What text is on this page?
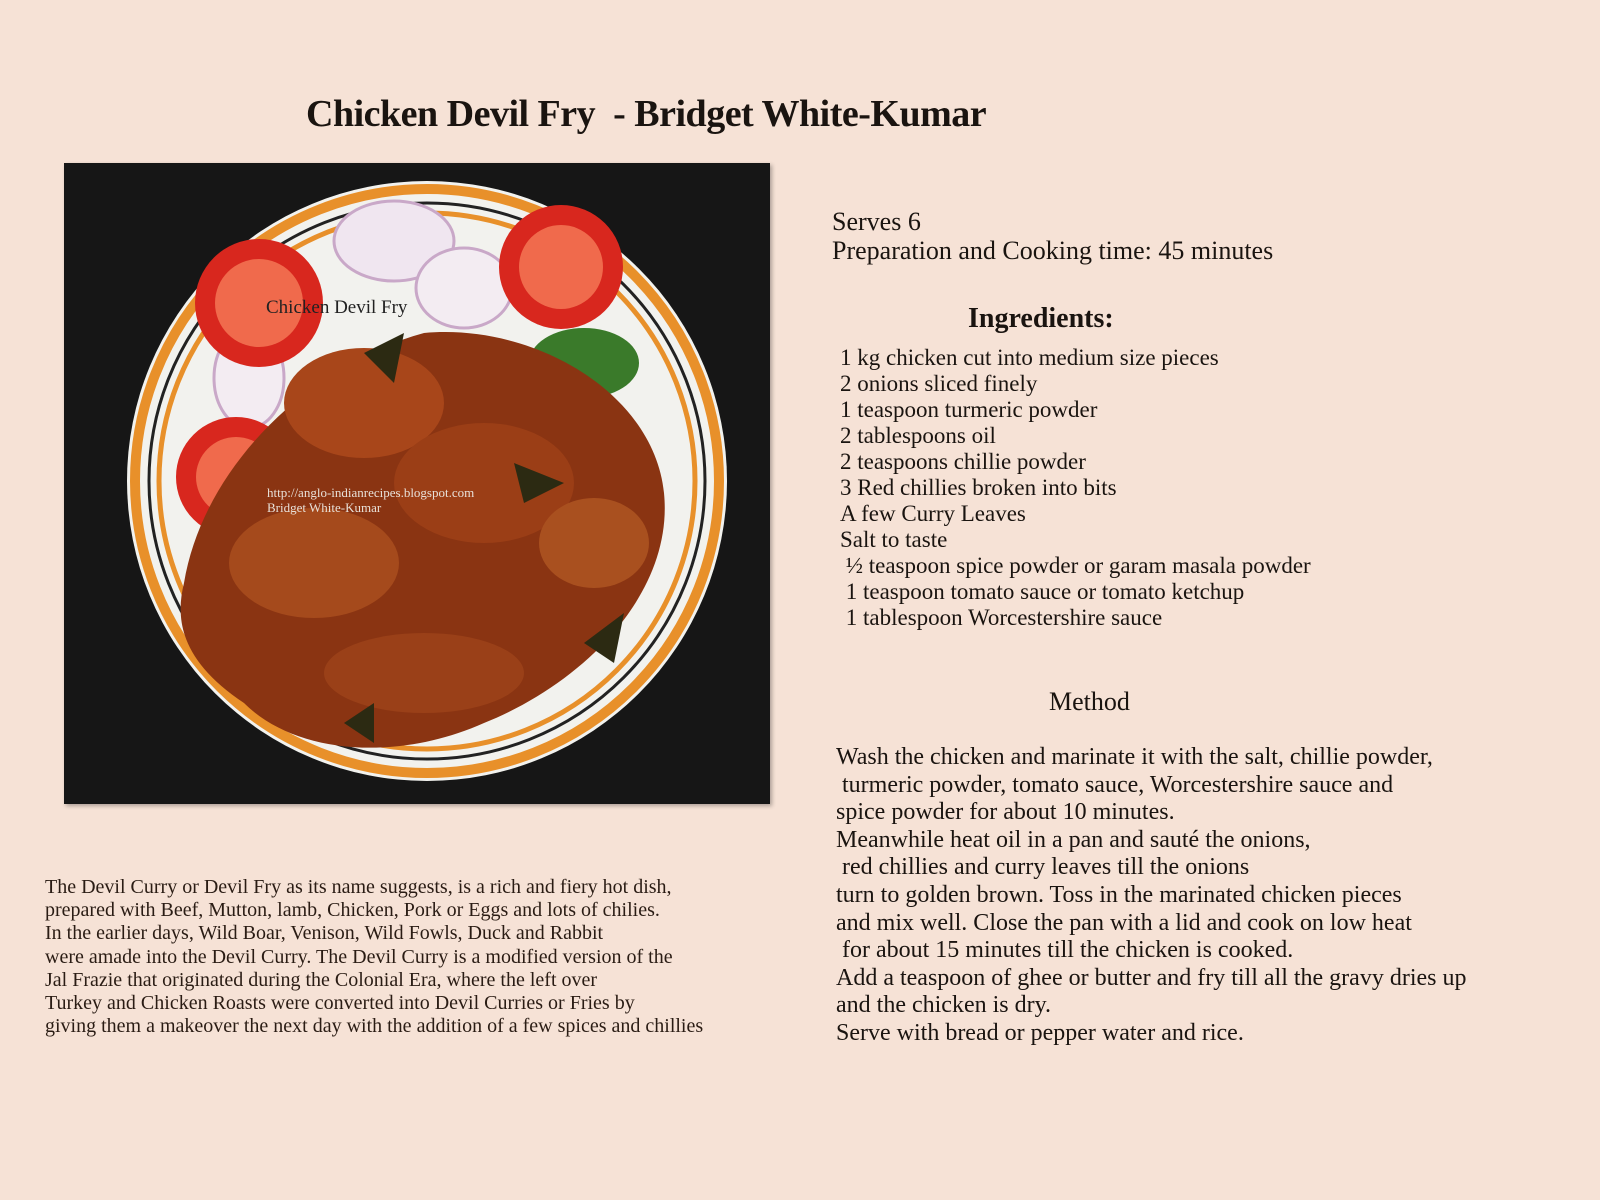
Chicken Devil Fry  - Bridget White-Kumar
Chicken Devil Fry
http://anglo-indianrecipes.blogspot.com
Bridget White-Kumar
Serves 6
Preparation and Cooking time: 45 minutes
Ingredients:
1 kg chicken cut into medium size pieces
2 onions sliced finely
1 teaspoon turmeric powder
2 tablespoons oil
2 teaspoons chillie powder
3 Red chillies broken into bits
A few Curry Leaves
Salt to taste
½ teaspoon spice powder or garam masala powder
1 teaspoon tomato sauce or tomato ketchup
1 tablespoon Worcestershire sauce
Method
Wash the chicken and marinate it with the salt, chillie powder,
turmeric powder, tomato sauce, Worcestershire sauce and
spice powder for about 10 minutes.
Meanwhile heat oil in a pan and sauté the onions,
red chillies and curry leaves till the onions
turn to golden brown. Toss in the marinated chicken pieces
and mix well. Close the pan with a lid and cook on low heat
for about 15 minutes till the chicken is cooked.
Add a teaspoon of ghee or butter and fry till all the gravy dries up
and the chicken is dry.
Serve with bread or pepper water and rice.
The Devil Curry or Devil Fry as its name suggests, is a rich and fiery hot dish,
prepared with Beef, Mutton, lamb, Chicken, Pork or Eggs and lots of chilies.
In the earlier days, Wild Boar, Venison, Wild Fowls, Duck and Rabbit
were amade into the Devil Curry. The Devil Curry is a modified version of the
Jal Frazie that originated during the Colonial Era, where the left over
Turkey and Chicken Roasts were converted into Devil Curries or Fries by
giving them a makeover the next day with the addition of a few spices and chillies
